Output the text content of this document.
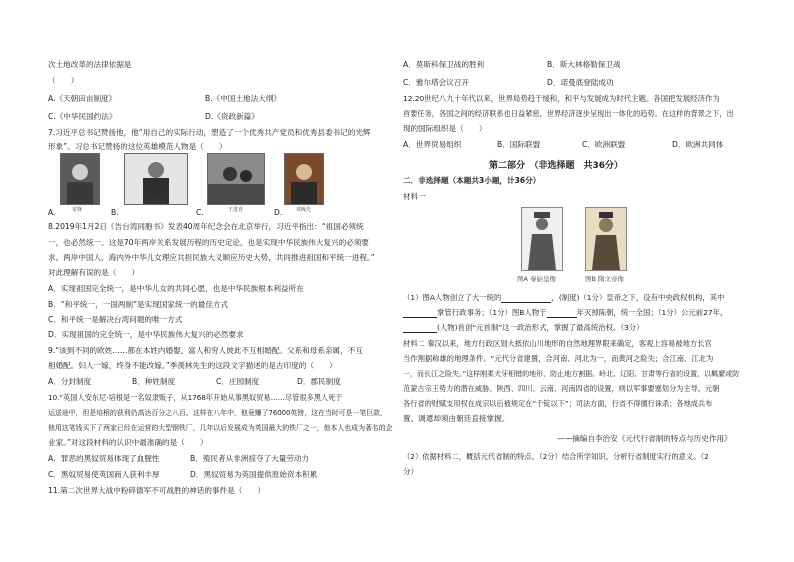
次土地改革的法律依据是
（　　）
A.《天朝田亩制度》	B.《中国土地法大纲》
C.《中华民国约法》	D.《资政新篇》
7.习近平总书记赞扬他，他“用自己的实际行动，塑造了一个优秀共产党员和优秀县委书记的光辉
形象”。习总书记赞扬的这位英雄模范人物是（　　）
雷锋
A.
焦裕禄
B.	王进喜
C.	邓稼先
D.
8.2019年1月2日《告台湾同胞书》发表40周年纪念会在北京举行，习近平指出：“祖国必须统
一，也必然统一。这是70年两岸关系发展历程的历史定论，也是实现中华民族伟大复兴的必须要
求。两岸中国人、海内外中华儿女理应共担民族大义顺应历史大势，共同推进祖国和平统一进程。”
对此理解有误的是（　　）
A．实现祖国完全统一，是中华儿女的共同心愿，也是中华民族根本利益所在
B．“和平统一，一国两制”是实现国家统一的最佳方式
C．和平统一是解决台湾问题的唯一方式
D．实现祖国的完全统一，是中华民族伟大复兴的必然要求
9.“该到不同的欧姓……都在本姓内婚娶，富人和穷人彼此不互相婚配。父系和母系亲属，不互
相婚配。妇人一嫁，终身不能改嫁。”季羡林先生的这段文字描述的是古印度的（　　）
A．分封制度	B．种姓制度	C．庄园制度	D．郡民制度
10.“英国人安东尼·培根是一名奴隶贩子，从1768年开始从事黑奴贸易……尽管很多黑人死于
运送途中，但是培根的获利仍高达百分之八百。这样在八年中，他竟赚了76000英镑，这在当时可是一笔巨款，
他用这笔钱买下了两家已经在运营的大型钢铁厂，几年以后发展成为英国最大的铁厂之一，他本人也成为著名的企
业家。”对这段材料的认识中最准确的是（　　）
A．罪恶的黑奴贸易体现了血腥性	B．殖民者从非洲掠夺了大量劳动力
C．黑奴贸易使英国商人获利丰厚	D．黑奴贸易为英国提供原始资本积累
11.第二次世界大战中粉碎德军不可战胜的神话的事件是（　　）
A．莫斯科保卫战的胜利	B．斯大林格勒保卫战
C．雅尔塔会议召开	D．诺曼底登陆成功
12.20世纪八九十年代以来，世界局势趋于缓和，和平与发展成为时代主题。各国把发展经济作为
首要任务，各国之间的经济联系也日益紧密，世界经济逐步呈现出一体化的趋势。在这样的背景之下，出
现的国际组织是（　　）
A．世界贸易组织	B．国际联盟	C．欧洲联盟	D．欧洲共同体
第二部分　（非选择题　共36分）
二．非选择题（本题共3小题，计36分）
材料一
图A 秦始皇像	图B 隋文帝像
（1）图A人物创立了大一统的	，(制度)（1分）皇帝之下，设有中央政权机构，其中
掌管行政事务；（1分）图B人物于	年灭掉陈朝，统一全国；（1分）公元前27年，
(人物)首创“元首制”这一政治形式，掌握了最高统治权。（3分）
材料二 秦汉以来，地方行政区划大抵依山川地形的自然地理界限来确定，客观上容易被地方长官
当作割据称雄的地理条件。“元代分省建置，合河南、河北为一，而黄河之险失；合江南、江北为
一，而长江之险失。”这样刚柔犬牙相错的地形，防止地方割据。岭北、辽阳、甘肃等行省的设置，以羁縻或防
范蒙古宗王势力的潜在威胁。陕西、四川、云南、河南四省的设置，则以军事要塞划分为主导。元朝
各行省的财赋支用权在成宗以后被规定在“千锭以下”；司法方面，行省不得擅行诛杀；各地成兵布
置、调遣却须由朝廷直接掌握。
——摘编自李治安《元代行省制的特点与历史作用》
（2）依据材料二，概括元代省制的特点。（2分）结合所学知识，分析行省制度实行的意义。（2
分）
